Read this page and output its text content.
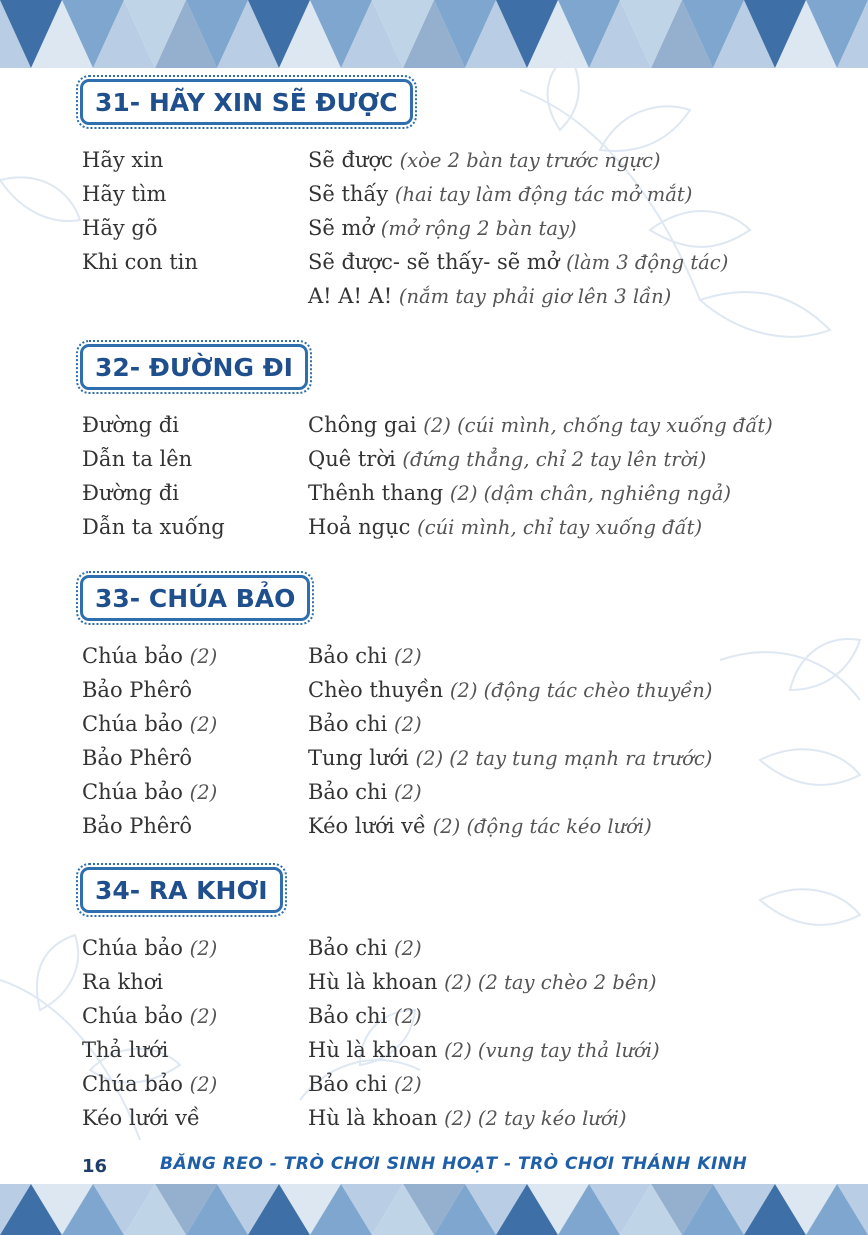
31- HÃY XIN SẼ ĐƯỢC
Hãy xin	Sẽ được (xòe 2 bàn tay trước ngực)
Hãy tìm	Sẽ thấy (hai tay làm động tác mở mắt)
Hãy gõ	Sẽ mở (mở rộng 2 bàn tay)
Khi con tin	Sẽ được- sẽ thấy- sẽ mở (làm 3 động tác)
A! A! A! (nắm tay phải giơ lên 3 lần)
32- ĐƯỜNG ĐI
Đường đi	Chông gai (2) (cúi mình, chống tay xuống đất)
Dẫn ta lên	Quê trời (đứng thẳng, chỉ 2 tay lên trời)
Đường đi	Thênh thang (2) (dậm chân, nghiêng ngả)
Dẫn ta xuống	Hoả ngục (cúi mình, chỉ tay xuống đất)
33- CHÚA BẢO
Chúa bảo (2)	Bảo chi (2)
Bảo Phêrô	Chèo thuyền (2) (động tác chèo thuyền)
Chúa bảo (2)	Bảo chi (2)
Bảo Phêrô	Tung lưới (2) (2 tay tung mạnh ra trước)
Chúa bảo (2)	Bảo chi (2)
Bảo Phêrô	Kéo lưới về (2) (động tác kéo lưới)
34- RA KHƠI
Chúa bảo (2)	Bảo chi (2)
Ra khơi	Hù là khoan (2) (2 tay chèo 2 bên)
Chúa bảo (2)	Bảo chi (2)
Thả lưới	Hù là khoan (2) (vung tay thả lưới)
Chúa bảo (2)	Bảo chi (2)
Kéo lưới về	Hù là khoan (2) (2 tay kéo lưới)
16	BĂNG REO - TRÒ CHƠI SINH HOẠT - TRÒ CHƠI THÁNH KINH
